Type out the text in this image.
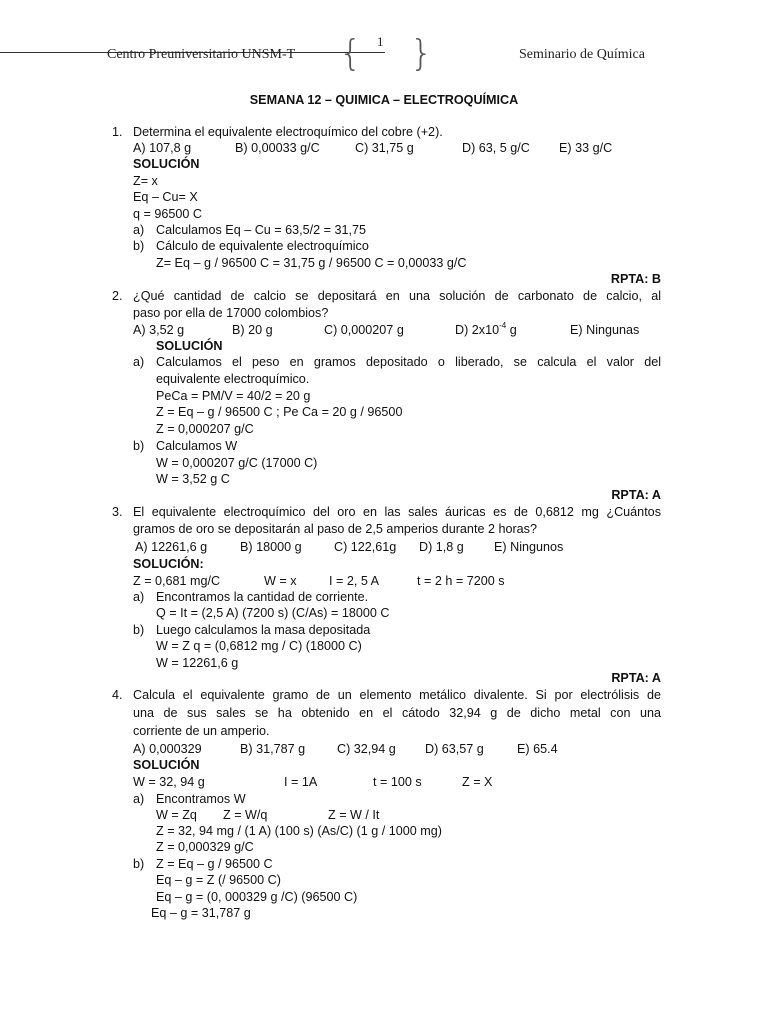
Centro Preuniversitario UNSM-T { 1 }	Seminario de Química
SEMANA 12 – QUIMICA – ELECTROQUÍMICA
1. Determina el equivalente electroquímico del cobre (+2).
A) 107,8 g	B) 0,00033 g/C	C) 31,75 g	D) 63, 5 g/C E) 33 g/C
SOLUCIÓN
Z= x
Eq – Cu= X
q = 96500 C
a) Calculamos Eq – Cu = 63,5/2 = 31,75
b) Cálculo de equivalente electroquímico
Z= Eq – g / 96500 C = 31,75 g / 96500 C = 0,00033 g/C
RPTA: B
2. ¿Qué cantidad de calcio se depositará en una solución de carbonato de calcio, al
paso por ella de 17000 colombios?
A) 3,52 g	B) 20 g	C) 0,000207 g	D) $2x10^{-4}$ g	E) Ningunas
SOLUCIÓN
a) Calculamos el peso en gramos depositado o liberado, se calcula el valor del
equivalente electroquímico.
PeCa = PM/V = 40/2 = 20 g
Z = Eq – g / 96500 C ; Pe Ca = 20 g / 96500
Z = 0,000207 g/C
b) Calculamos W
W = 0,000207 g/C (17000 C)
W = 3,52 g C
RPTA: A
3. El equivalente electroquímico del oro en las sales áuricas es de 0,6812 mg ¿Cuántos
gramos de oro se depositarán al paso de 2,5 amperios durante 2 horas?
A) 12261,6 g	B) 18000 g	C) 122,61g D) 1,8 g E) Ningunos
SOLUCIÓN:
Z = 0,681 mg/C	W = x	I = 2, 5 A	t = 2 h = 7200 s
a) Encontramos la cantidad de corriente.
Q = It = (2,5 A) (7200 s) (C/As) = 18000 C
b) Luego calculamos la masa depositada
W = Z q = (0,6812 mg / C) (18000 C)
W = 12261,6 g
RPTA: A
4. Calcula el equivalente gramo de un elemento metálico divalente. Si por electrólisis de
una de sus sales se ha obtenido en el cátodo 32,94 g de dicho metal con una
corriente de un amperio.
A) 0,000329	B) 31,787 g	C) 32,94 g D) 63,57 g	E) 65.4
SOLUCIÓN
W = 32, 94 g	I = 1A	t = 100 s	Z = X
a) Encontramos W
W = Zq Z = W/q	Z = W / It
Z = 32, 94 mg / (1 A) (100 s) (As/C) (1 g / 1000 mg)
Z = 0,000329 g/C
b) Z = Eq – g / 96500 C
Eq – g = Z (/ 96500 C)
Eq – g = (0, 000329 g /C) (96500 C)
Eq – g = 31,787 g
